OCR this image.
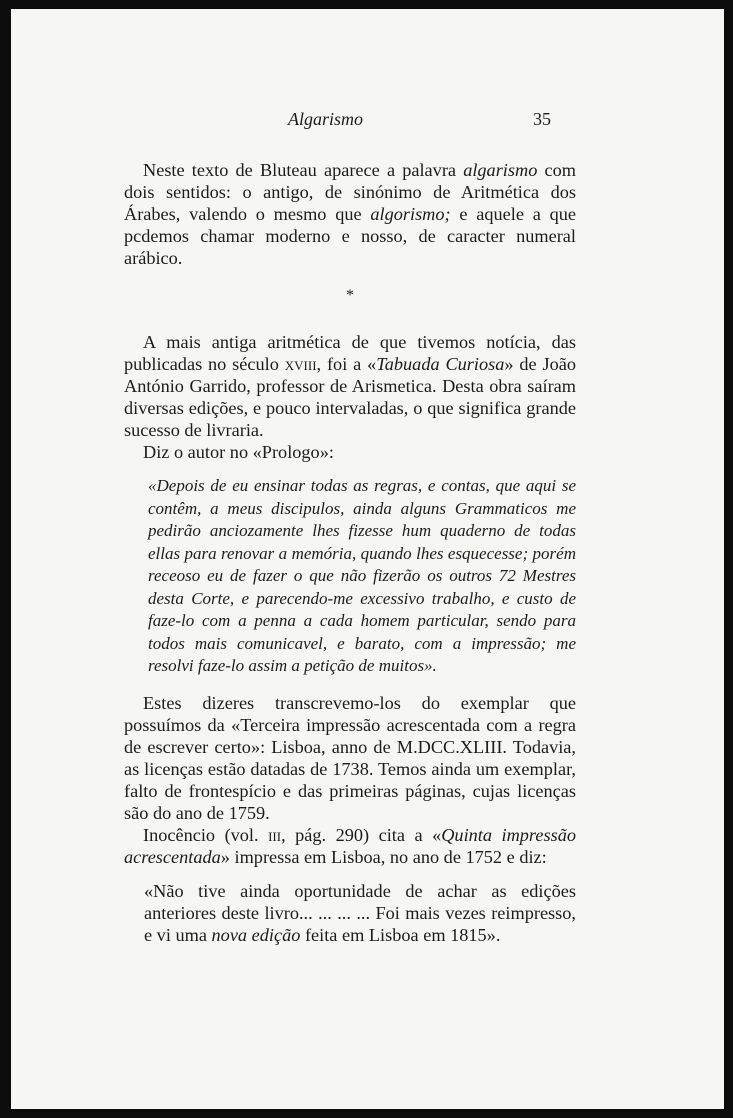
Algarismo	35

Neste texto de Bluteau aparece a palavra algarismo com dois sentidos: o antigo, de sinónimo de Aritmética dos Árabes, valendo o mesmo que algorismo; e aquele a que pcdemos chamar moderno e nosso, de caracter numeral arábico.

*

A mais antiga aritmética de que tivemos notícia, das publicadas no século xviii, foi a «Tabuada Curiosa» de João António Garrido, professor de Arismetica. Desta obra saíram diversas edições, e pouco intervaladas, o que significa grande sucesso de livraria.

Diz o autor no «Prologo»:

«Depois de eu ensinar todas as regras, e contas, que aqui se contêm, a meus discipulos, ainda alguns Grammaticos me pedirão anciozamente lhes fizesse hum quaderno de todas ellas para renovar a memória, quando lhes esquecesse; porém receoso eu de fazer o que não fizerão os outros 72 Mestres desta Corte, e parecendo-me excessivo trabalho, e custo de faze-lo com a penna a cada homem particular, sendo para todos mais comunicavel, e barato, com a impressão; me resolvi faze-lo assim a petição de muitos».

Estes dizeres transcrevemo-los do exemplar que possuímos da «Terceira impressão acrescentada com a regra de escrever certo»: Lisboa, anno de M.DCC.XLIII. Todavia, as licenças estão datadas de 1738. Temos ainda um exemplar, falto de frontespício e das primeiras páginas, cujas licenças são do ano de 1759.

Inocêncio (vol. iii, pág. 290) cita a «Quinta impressão acrescentada» impressa em Lisboa, no ano de 1752 e diz:

«Não tive ainda oportunidade de achar as edições anteriores deste livro... ... ... ... Foi mais vezes reimpresso, e vi uma nova edição feita em Lisboa em 1815».
